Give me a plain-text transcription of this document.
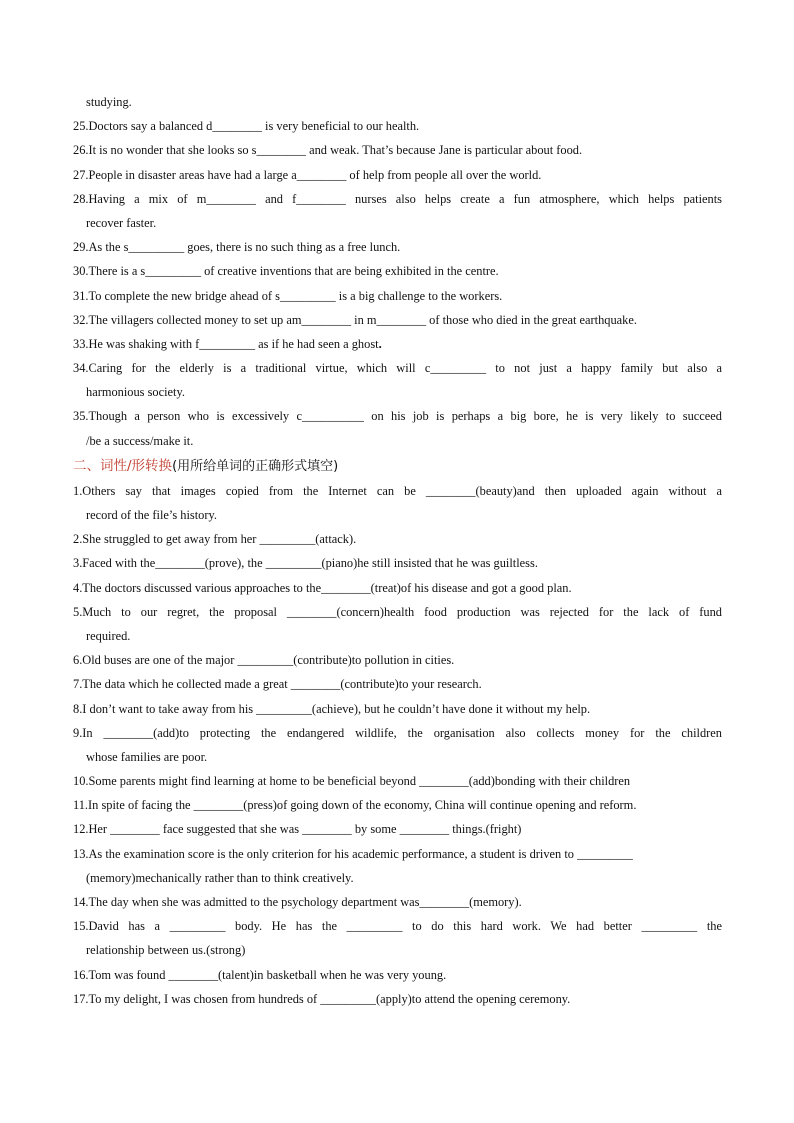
studying.
25.Doctors say a balanced d________ is very beneficial to our health.
26.It is no wonder that she looks so s________ and weak. That’s because Jane is particular about food.
27.People in disaster areas have had a large a________ of help from people all over the world.
28.Having a mix of m________ and f________ nurses also helps create a fun atmosphere, which helps patients
recover faster.
29.As the s_________ goes, there is no such thing as a free lunch.
30.There is a s_________ of creative inventions that are being exhibited in the centre.
31.To complete the new bridge ahead of s_________ is a big challenge to the workers.
32.The villagers collected money to set up am________ in m________ of those who died in the great earthquake.
33.He was shaking with f_________ as if he had seen a ghost.
34.Caring for the elderly is a traditional virtue, which will c_________ to not just a happy family but also a
harmonious society.
35.Though a person who is excessively c__________ on his job is perhaps a big bore, he is very likely to succeed
/be a success/make it.
二、词性/形转换(用所给单词的正确形式填空)
1.Others say that images copied from the Internet can be ________(beauty)and then uploaded again without a
record of the file’s history.
2.She struggled to get away from her _________(attack).
3.Faced with the________(prove), the _________(piano)he still insisted that he was guiltless.
4.The doctors discussed various approaches to the________(treat)of his disease and got a good plan.
5.Much to our regret, the proposal ________(concern)health food production was rejected for the lack of fund
required.
6.Old buses are one of the major _________(contribute)to pollution in cities.
7.The data which he collected made a great ________(contribute)to your research.
8.I don’t want to take away from his _________(achieve), but he couldn’t have done it without my help.
9.In ________(add)to protecting the endangered wildlife, the organisation also collects money for the children
whose families are poor.
10.Some parents might find learning at home to be beneficial beyond ________(add)bonding with their children
11.In spite of facing the ________(press)of going down of the economy, China will continue opening and reform.
12.Her ________ face suggested that she was ________ by some ________ things.(fright)
13.As the examination score is the only criterion for his academic performance, a student is driven to _________
(memory)mechanically rather than to think creatively.
14.The day when she was admitted to the psychology department was________(memory).
15.David has a _________ body. He has the _________ to do this hard work. We had better _________ the
relationship between us.(strong)
16.Tom was found ________(talent)in basketball when he was very young.
17.To my delight, I was chosen from hundreds of _________(apply)to attend the opening ceremony.
